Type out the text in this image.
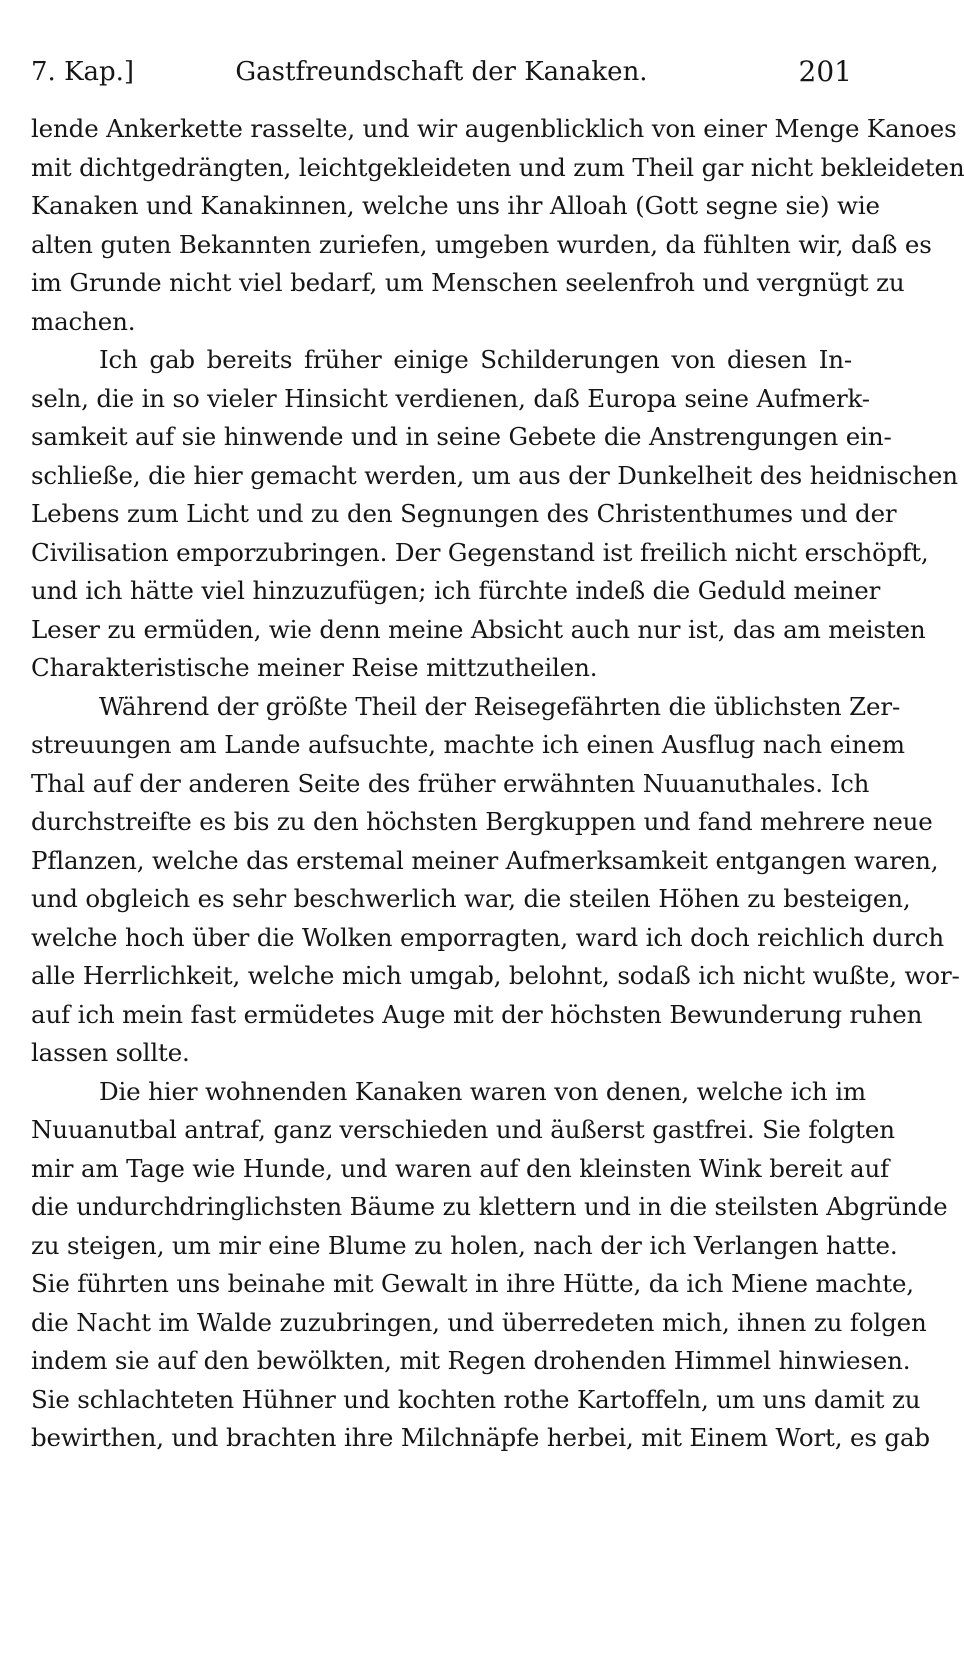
7. Kap.]	Gastfreundschaft der Kanaken.	201
lende Ankerkette rasselte, und wir augenblicklich von einer Menge Kanoes
mit dichtgedrängten, leichtgekleideten und zum Theil gar nicht bekleideten
Kanaken und Kanakinnen, welche uns ihr Alloah (Gott segne sie) wie
alten guten Bekannten zuriefen, umgeben wurden, da fühlten wir, daß es
im Grunde nicht viel bedarf, um Menschen seelenfroh und vergnügt zu
machen.
Ich gab bereits früher einige Schilderungen von diesen In-
seln, die in so vieler Hinsicht verdienen, daß Europa seine Aufmerk-
samkeit auf sie hinwende und in seine Gebete die Anstrengungen ein-
schließe, die hier gemacht werden, um aus der Dunkelheit des heidnischen
Lebens zum Licht und zu den Segnungen des Christenthumes und der
Civilisation emporzubringen. Der Gegenstand ist freilich nicht erschöpft,
und ich hätte viel hinzuzufügen; ich fürchte indeß die Geduld meiner
Leser zu ermüden, wie denn meine Absicht auch nur ist, das am meisten
Charakteristische meiner Reise mittzutheilen.
Während der größte Theil der Reisegefährten die üblichsten Zer-
streuungen am Lande aufsuchte, machte ich einen Ausflug nach einem
Thal auf der anderen Seite des früher erwähnten Nuuanuthales. Ich
durchstreifte es bis zu den höchsten Bergkuppen und fand mehrere neue
Pflanzen, welche das erstemal meiner Aufmerksamkeit entgangen waren,
und obgleich es sehr beschwerlich war, die steilen Höhen zu besteigen,
welche hoch über die Wolken emporragten, ward ich doch reichlich durch
alle Herrlichkeit, welche mich umgab, belohnt, sodaß ich nicht wußte, wor-
auf ich mein fast ermüdetes Auge mit der höchsten Bewunderung ruhen
lassen sollte.
Die hier wohnenden Kanaken waren von denen, welche ich im
Nuuanutbal antraf, ganz verschieden und äußerst gastfrei. Sie folgten
mir am Tage wie Hunde, und waren auf den kleinsten Wink bereit auf
die undurchdringlichsten Bäume zu klettern und in die steilsten Abgründe
zu steigen, um mir eine Blume zu holen, nach der ich Verlangen hatte.
Sie führten uns beinahe mit Gewalt in ihre Hütte, da ich Miene machte,
die Nacht im Walde zuzubringen, und überredeten mich, ihnen zu folgen
indem sie auf den bewölkten, mit Regen drohenden Himmel hinwiesen.
Sie schlachteten Hühner und kochten rothe Kartoffeln, um uns damit zu
bewirthen, und brachten ihre Milchnäpfe herbei, mit Einem Wort, es gab
